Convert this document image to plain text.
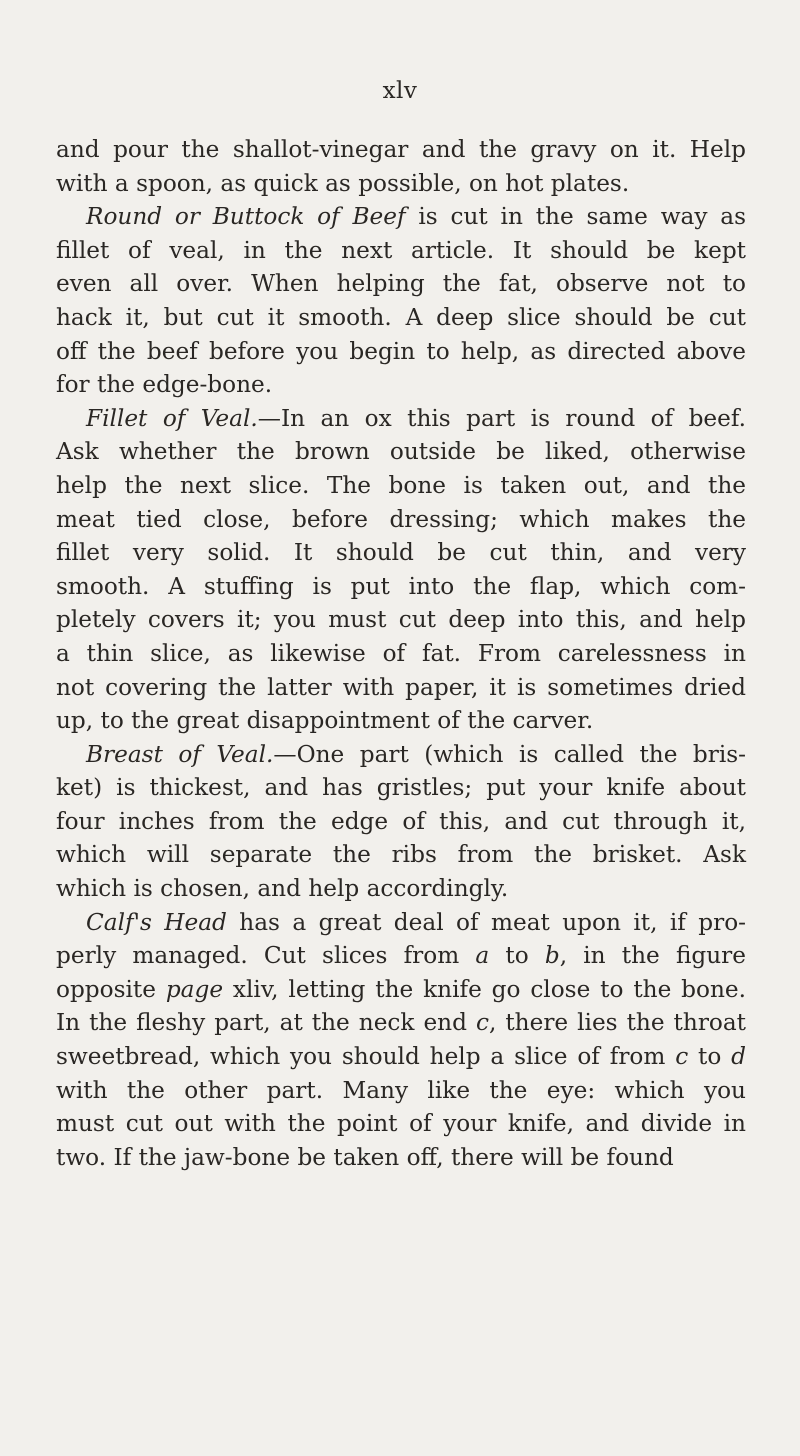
xlv
and pour the shallot-vinegar and the gravy on it. Help
with a spoon, as quick as possible, on hot plates.
Round or Buttock of Beef is cut in the same way as
fillet of veal, in the next article. It should be kept
even all over. When helping the fat, observe not to
hack it, but cut it smooth. A deep slice should be cut
off the beef before you begin to help, as directed above
for the edge-bone.
Fillet of Veal.—In an ox this part is round of beef.
Ask whether the brown outside be liked, otherwise
help the next slice. The bone is taken out, and the
meat tied close, before dressing; which makes the
fillet very solid. It should be cut thin, and very
smooth. A stuffing is put into the flap, which com-
pletely covers it; you must cut deep into this, and help
a thin slice, as likewise of fat. From carelessness in
not covering the latter with paper, it is sometimes dried
up, to the great disappointment of the carver.
Breast of Veal.—One part (which is called the bris-
ket) is thickest, and has gristles; put your knife about
four inches from the edge of this, and cut through it,
which will separate the ribs from the brisket. Ask
which is chosen, and help accordingly.
Calf's Head has a great deal of meat upon it, if pro-
perly managed. Cut slices from a to b, in the figure
opposite page xliv, letting the knife go close to the bone.
In the fleshy part, at the neck end c, there lies the throat
sweetbread, which you should help a slice of from c to d
with the other part. Many like the eye: which you
must cut out with the point of your knife, and divide in
two. If the jaw-bone be taken off, there will be found
